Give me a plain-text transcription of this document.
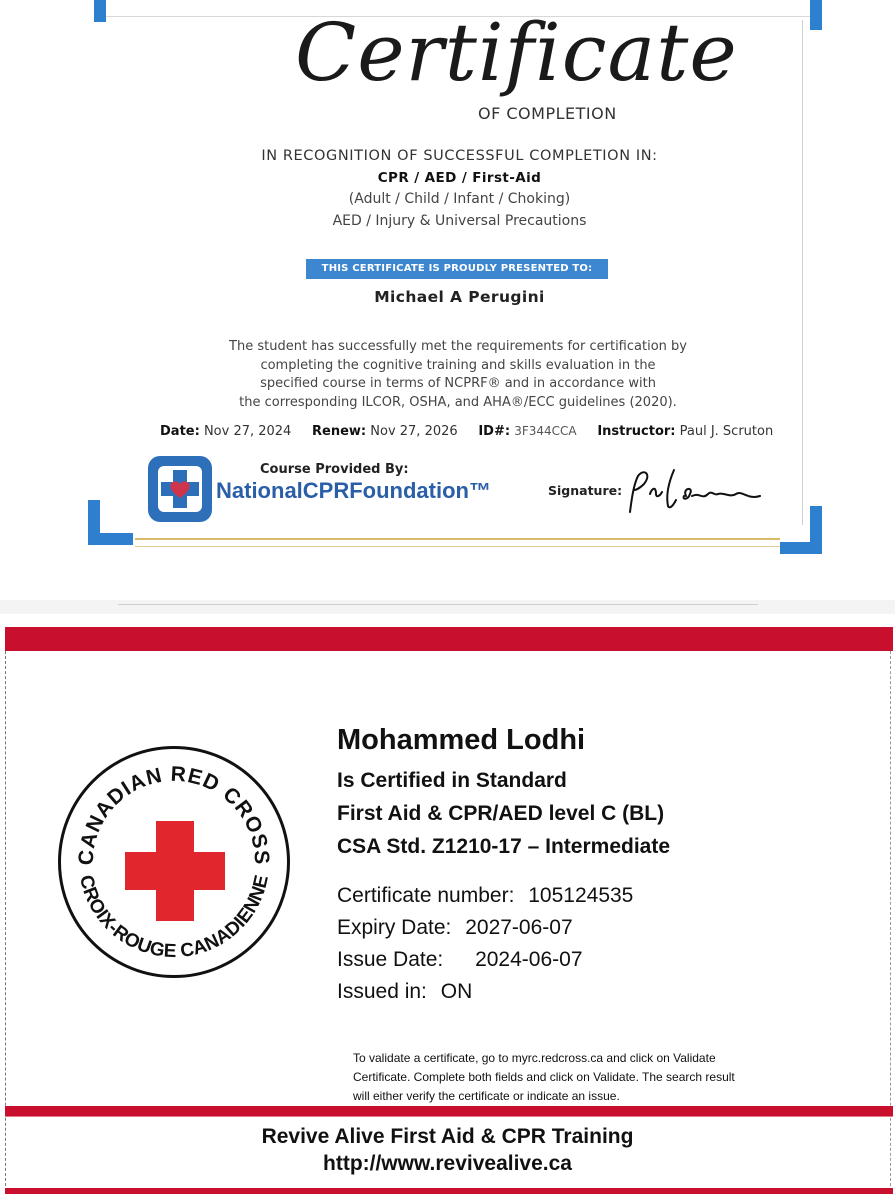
Certificate
OF COMPLETION
IN RECOGNITION OF SUCCESSFUL COMPLETION IN:
CPR / AED / First-Aid
(Adult / Child / Infant / Choking)
AED / Injury & Universal Precautions
THIS CERTIFICATE IS PROUDLY PRESENTED TO:
Michael A Perugini
The student has successfully met the requirements for certification by
completing the cognitive training and skills evaluation in the
specified course in terms of NCPRF® and in accordance with
the corresponding ILCOR, OSHA, and AHA®/ECC guidelines (2020).
Date: Nov 27, 2024 Renew: Nov 27, 2026 ID#: 3F344CCA Instructor: Paul J. Scruton
Course Provided By:
NationalCPRFoundation™	Signature:
CANADIAN RED CROSS
CROIX-ROUGE CANADIENNE
Mohammed Lodhi
Is Certified in Standard
First Aid & CPR/AED level C (BL)
CSA Std. Z1210-17 – Intermediate
Certificate number: 105124535
Expiry Date: 2027-06-07
Issue Date: 2024-06-07
Issued in: ON
To validate a certificate, go to myrc.redcross.ca and click on Validate
Certificate. Complete both fields and click on Validate. The search result
will either verify the certificate or indicate an issue.
Revive Alive First Aid & CPR Training
http://www.revivealive.ca
